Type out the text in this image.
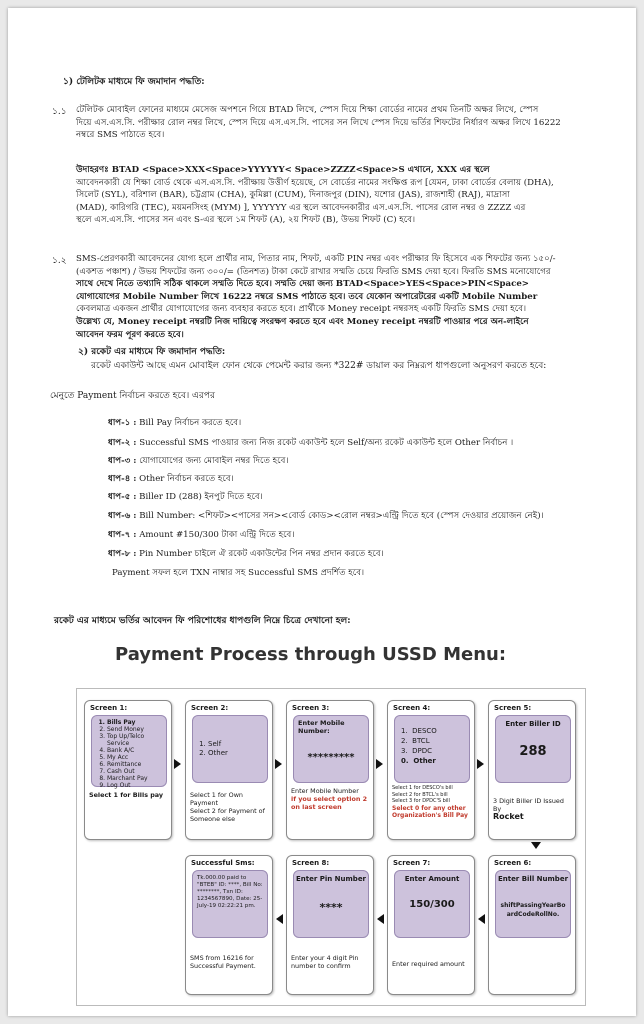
১) টেলিটক মাধ্যমে ফি জমাদান পদ্ধতি:
১.১ টেলিটক মোবাইল ফোনের মাধ্যমে মেসেজ অপশনে গিয়ে BTAD লিখে, স্পেস দিয়ে শিক্ষা বোর্ডের নামের প্রথম তিনটি অক্ষর লিখে, স্পেস

দিয়ে এস.এস.সি. পরীক্ষার রোল নম্বর লিখে, স্পেস দিয়ে এস.এস.সি. পাসের সন লিখে স্পেস দিয়ে ভর্তির শিফটের নির্ধারণ অক্ষর লিখে 16222

নম্বরে SMS পাঠাতে হবে।

উদাহরণঃ BTAD <Space>XXX<Space>YYYYYY< Space>ZZZZ<Space>S এখানে, XXX এর স্থলে

আবেদনকারী যে শিক্ষা বোর্ড থেকে এস.এস.সি. পরীক্ষায় উত্তীর্ণ হয়েছে, সে বোর্ডের নামের সংক্ষিপ্ত রূপ [যেমন, ঢাকা বোর্ডের বেলায় (DHA),

সিলেট (SYL), বরিশাল (BAR), চট্টগ্রাম (CHA), কুমিল্লা (CUM), দিনাজপুর (DIN), যশোর (JAS), রাজশাহী (RAJ), মাদ্রাসা

(MAD), কারিগরি (TEC), ময়মনসিংহ (MYM) ], YYYYYY এর স্থলে আবেদনকারীর এস.এস.সি. পাসের রোল নম্বর ও ZZZZ এর

স্থলে এস.এস.সি. পাসের সন এবং S-এর স্থলে ১ম শিফট (A), ২য় শিফট (B), উভয় শিফট (C) হবে।

১.২ SMS-প্রেরণকারী আবেদনের যোগ্য হলে প্রার্থীর নাম, পিতার নাম, শিফট, একটি PIN নম্বর এবং পরীক্ষার ফি হিসেবে এক শিফটের জন্য ১৫০/-

(একশত পঞ্চাশ) / উভয় শিফটের জন্য ৩০০/= (তিনশত) টাকা কেটে রাখার সম্মতি চেয়ে ফিরতি SMS দেয়া হবে। ফিরতি SMS মনোযোগের

সাথে দেখে নিতে তথ্যাদি সঠিক থাকলে সম্মতি দিতে হবে। সম্মতি দেয়া জন্য BTAD<Space>YES<Space>PIN<Space>

যোগাযোগের Mobile Number লিখে 16222 নম্বরে SMS পাঠাতে হবে। তবে যেকোন অপারেটরের একটি Mobile Number

কেবলমাত্র একজন প্রার্থীর যোগাযোগের জন্য ব্যবহার করতে হবে। প্রার্থীকে Money receipt নম্বরসহ একটি ফিরতি SMS দেয়া হবে।

উল্লেখ্য যে, Money receipt নম্বরটি নিজ দায়িত্বে সংরক্ষণ করতে হবে এবং Money receipt নম্বরটি পাওয়ার পরে অন-লাইনে

আবেদন ফরম পূরণ করতে হবে।

২) রকেট এর মাধ্যমে ফি জমাদান পদ্ধতি:
রকেট একাউন্ট আছে এমন মোবাইল ফোন থেকে পেমেন্ট করার জন্য *322# ডায়াল কর নিম্নরূপ ধাপগুলো অনুসরণ করতে হবে:
মেনুতে Payment নির্বাচন করতে হবে। এরপর
ধাপ-১ : Bill Pay নির্বাচন করতে হবে।
ধাপ-২ : Successful SMS পাওয়ার জন্য নিজ রকেট একাউন্ট হলে Self/অন্য রকেট একাউন্ট হলে Other নির্বাচন ।
ধাপ-৩ : যোগাযোগের জন্য মোবাইল নম্বর দিতে হবে।
ধাপ-৪ : Other নির্বাচন করতে হবে।
ধাপ-৫ : Biller ID (288) ইনপুট দিতে হবে।
ধাপ-৬ : Bill Number: <শিফট><পাসের সন><বোর্ড কোড><রোল নম্বর>এন্ট্রি দিতে হবে (স্পেস দেওয়ার প্রয়োজন নেই)।
ধাপ-৭ : Amount #150/300 টাকা এন্ট্রি দিতে হবে।
ধাপ-৮ : Pin Number চাইলে ঐ রকেট একাউন্টের পিন নম্বর প্রদান করতে হবে।
Payment সফল হলে TXN নাম্বার সহ Successful SMS প্রদর্শিত হবে।
রকেট এর মাধ্যমে ভর্তির আবেদন ফি পরিশোধের ধাপগুলি নিম্নে চিত্রে দেখানো হল:
Payment Process through USSD Menu:
Screen 1:
1. Bills Pay
2. Send Money
3. Top Up/Telco Service
4. Bank A/C
5. My Acc
6. Remittance
7. Cash Out
8. Marchant Pay
9. Log Out
Select 1 for Bills pay
Screen 2:
1. Self
2. Other
Select 1 for Own Payment
Select 2 for Payment of Someone else
Screen 3:
Enter Mobile Number:
*********
Enter Mobile Number
if you select option 2 on last screen
Screen 4:
1. DESCO
2. BTCL
3. DPDC
0. Other
Select 1 for DESCO's bill
Select 2 for BTCL's bill
Select 3 for DPDC'S bill
Select 0 for any other Organization's Bill Pay
Screen 5:
Enter Biller ID
288
3 Digit Biller ID Issued By
Rocket
Screen 6:
Enter Bill Number
shiftPassingYearBoardCodeRollNo.
Screen 7:
Enter Amount
150/300
Enter required amount
Screen 8:
Enter Pin Number
****
Enter your 4 digit Pin number to confirm
Successful Sms:
Tk.000.00 paid to "BTEB" ID: ****, Bill No: ********, Txn ID: 1234567890, Date: 25-July-19 02:22:21 pm.
SMS from 16216 for Successful Payment.
